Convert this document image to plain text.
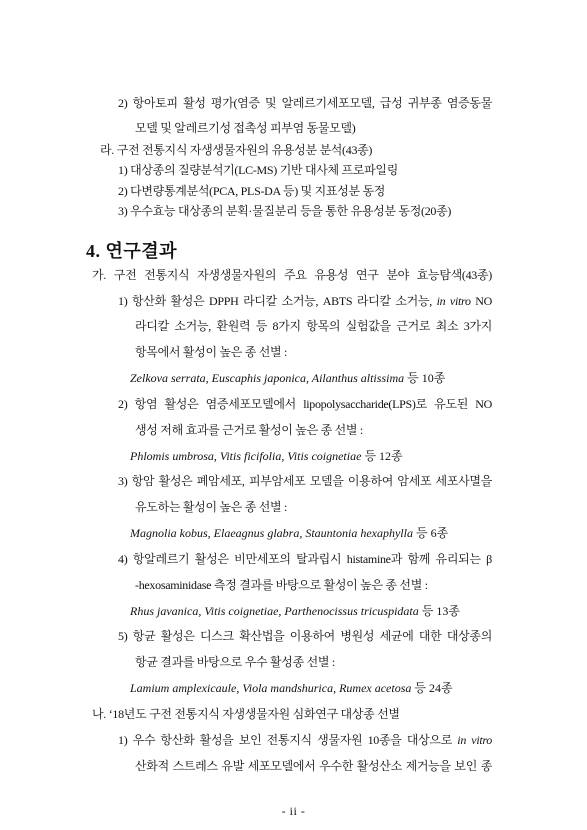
2) 항아토피 활성 평가(염증 및 알레르기세포모델, 급성 귀부종 염증동물
모델 및 알레르기성 접촉성 피부염 동물모델)
라. 구전 전통지식 자생생물자원의 유용성분 분석(43종)
1) 대상종의 질량분석기(LC-MS) 기반 대사체 프로파일링
2) 다변량통계분석(PCA, PLS-DA 등) 및 지표성분 동정
3) 우수효능 대상종의 분획·물질분리 등을 통한 유용성분 동정(20종)
4. 연구결과
가. 구전 전통지식 자생생물자원의 주요 유용성 연구 분야 효능탐색(43종)
1) 항산화 활성은 DPPH 라디칼 소거능, ABTS 라디칼 소거능, in vitro NO
라디칼 소거능, 환원력 등 8가지 항목의 실험값을 근거로 최소 3가지
항목에서 활성이 높은 종 선별 :
Zelkova serrata, Euscaphis japonica, Ailanthus altissima 등 10종
2) 항염 활성은 염증세포모델에서 lipopolysaccharide(LPS)로 유도된 NO
생성 저해 효과를 근거로 활성이 높은 종 선별 :
Phlomis umbrosa, Vitis ficifolia, Vitis coignetiae 등 12종
3) 항암 활성은 폐암세포, 피부암세포 모델을 이용하여 암세포 세포사멸을
유도하는 활성이 높은 종 선별 :
Magnolia kobus, Elaeagnus glabra, Stauntonia hexaphylla 등 6종
4) 항알레르기 활성은 비만세포의 탈과립시 histamine과 함께 유리되는 β
-hexosaminidase 측정 결과를 바탕으로 활성이 높은 종 선별 :
Rhus javanica, Vitis coignetiae, Parthenocissus tricuspidata 등 13종
5) 항균 활성은 디스크 확산법을 이용하여 병원성 세균에 대한 대상종의
항균 결과를 바탕으로 우수 활성종 선별 :
Lamium amplexicaule, Viola mandshurica, Rumex acetosa 등 24종
나. ‘18년도 구전 전통지식 자생생물자원 심화연구 대상종 선별
1) 우수 항산화 활성을 보인 전통지식 생물자원 10종을 대상으로 in vitro
산화적 스트레스 유발 세포모델에서 우수한 활성산소 제거능을 보인 종
- ii -
